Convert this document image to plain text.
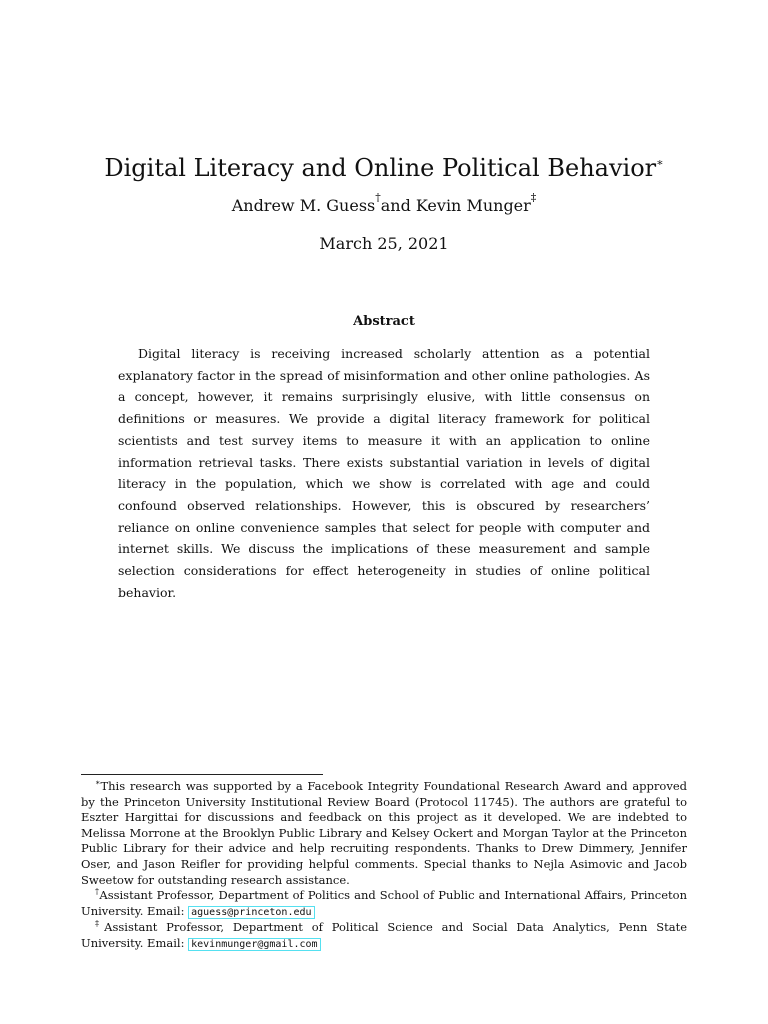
Digital Literacy and Online Political Behavior∗
Andrew M. Guess†and Kevin Munger‡
March 25, 2021
Abstract

Digital literacy is receiving increased scholarly attention as a potential explanatory factor in the spread of misinformation and other online pathologies. As a concept, however, it remains surprisingly elusive, with little consensus on definitions or measures. We provide a digital literacy framework for political scientists and test survey items to measure it with an application to online information retrieval tasks. There exists substantial variation in levels of digital literacy in the population, which we show is correlated with age and could confound observed relationships. However, this is obscured by researchers’ reliance on online convenience samples that select for people with computer and internet skills. We discuss the implications of these measurement and sample selection considerations for effect heterogeneity in studies of online political behavior.

∗This research was supported by a Facebook Integrity Foundational Research Award and approved by the Princeton University Institutional Review Board (Protocol 11745). The authors are grateful to Eszter Hargittai for discussions and feedback on this project as it developed. We are indebted to Melissa Morrone at the Brooklyn Public Library and Kelsey Ockert and Morgan Taylor at the Princeton Public Library for their advice and help recruiting respondents. Thanks to Drew Dimmery, Jennifer Oser, and Jason Reifler for providing helpful comments. Special thanks to Nejla Asimovic and Jacob Sweetow for outstanding research assistance.

†Assistant Professor, Department of Politics and School of Public and International Affairs, Princeton University. Email: aguess@princeton.edu

‡Assistant Professor, Department of Political Science and Social Data Analytics, Penn State University. Email: kevinmunger@gmail.com
